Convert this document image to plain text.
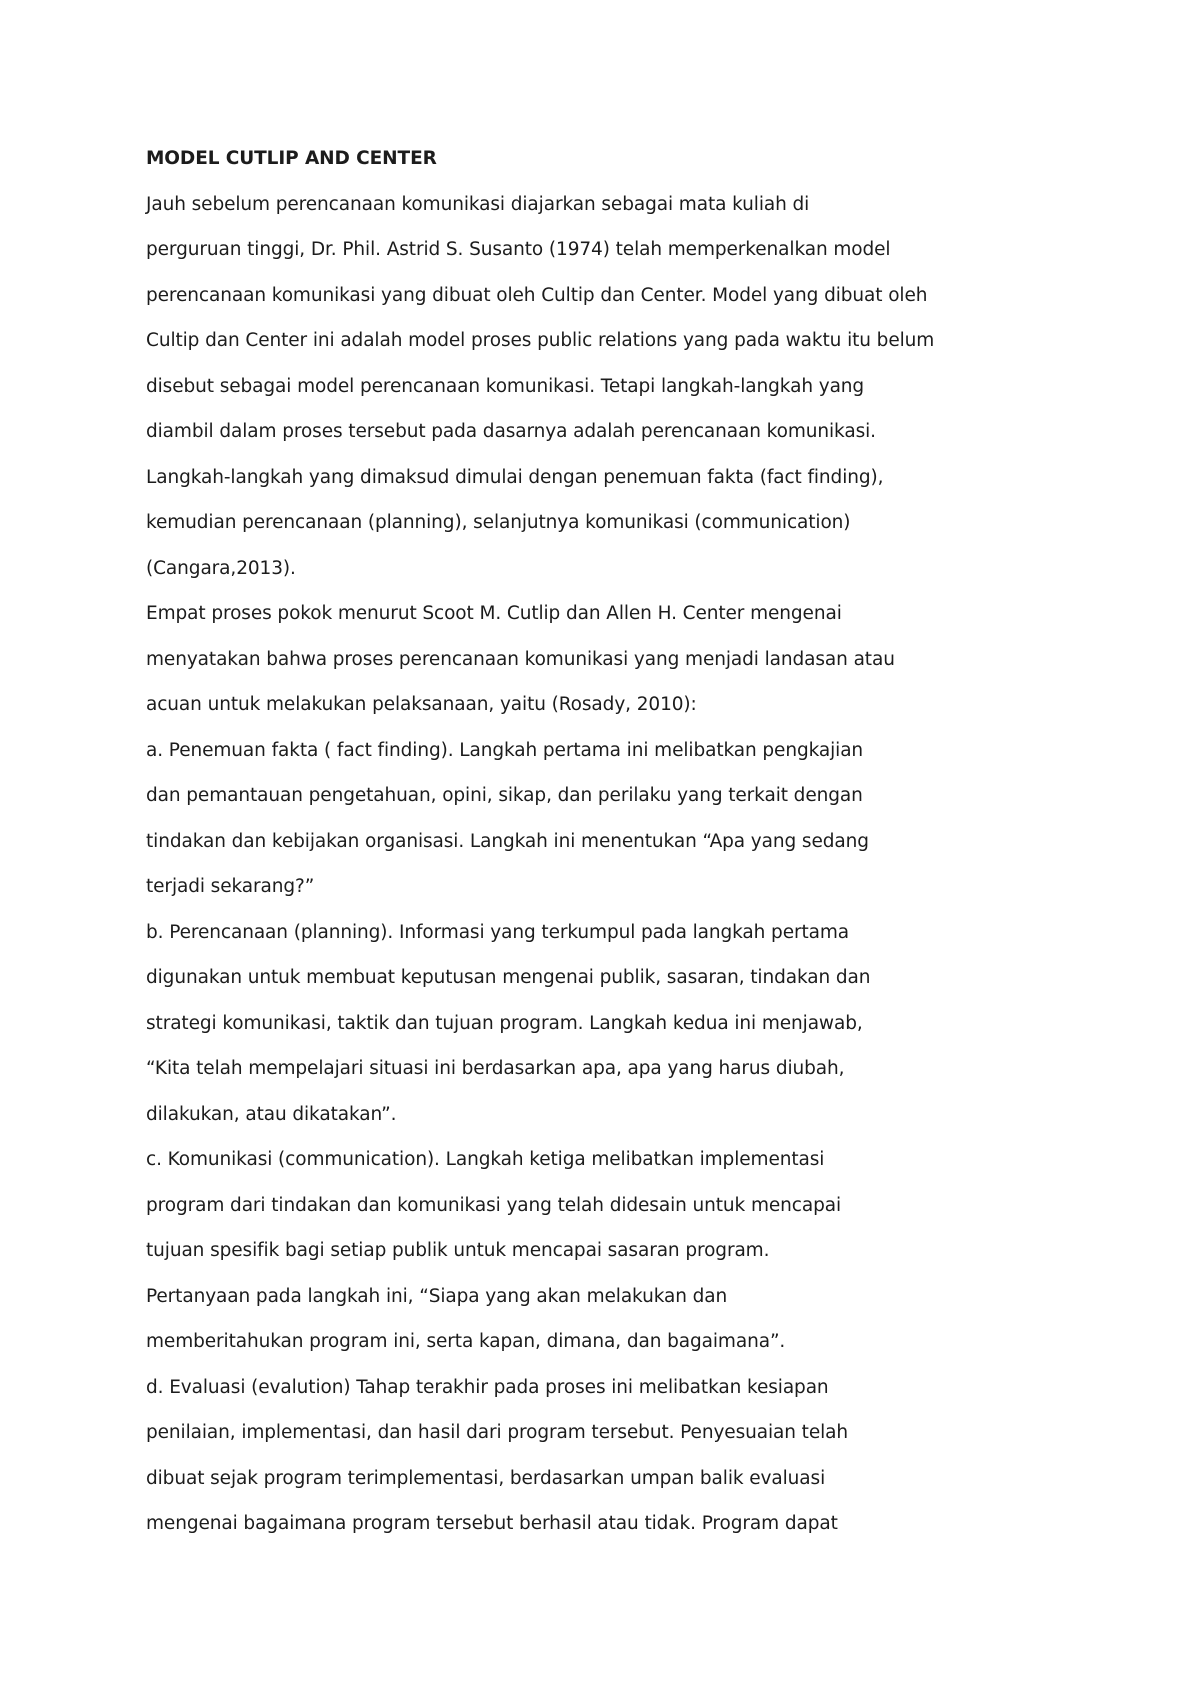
MODEL CUTLIP AND CENTER
Jauh sebelum perencanaan komunikasi diajarkan sebagai mata kuliah di
perguruan tinggi, Dr. Phil. Astrid S. Susanto (1974) telah memperkenalkan model
perencanaan komunikasi yang dibuat oleh Cultip dan Center. Model yang dibuat oleh
Cultip dan Center ini adalah model proses public relations yang pada waktu itu belum
disebut sebagai model perencanaan komunikasi. Tetapi langkah-langkah yang
diambil dalam proses tersebut pada dasarnya adalah perencanaan komunikasi.
Langkah-langkah yang dimaksud dimulai dengan penemuan fakta (fact finding),
kemudian perencanaan (planning), selanjutnya komunikasi (communication)
(Cangara,2013).
Empat proses pokok menurut Scoot M. Cutlip dan Allen H. Center mengenai
menyatakan bahwa proses perencanaan komunikasi yang menjadi landasan atau
acuan untuk melakukan pelaksanaan, yaitu (Rosady, 2010):
a. Penemuan fakta ( fact finding). Langkah pertama ini melibatkan pengkajian
dan pemantauan pengetahuan, opini, sikap, dan perilaku yang terkait dengan
tindakan dan kebijakan organisasi. Langkah ini menentukan “Apa yang sedang
terjadi sekarang?”
b. Perencanaan (planning). Informasi yang terkumpul pada langkah pertama
digunakan untuk membuat keputusan mengenai publik, sasaran, tindakan dan
strategi komunikasi, taktik dan tujuan program. Langkah kedua ini menjawab,
“Kita telah mempelajari situasi ini berdasarkan apa, apa yang harus diubah,
dilakukan, atau dikatakan”.
c. Komunikasi (communication). Langkah ketiga melibatkan implementasi
program dari tindakan dan komunikasi yang telah didesain untuk mencapai
tujuan spesifik bagi setiap publik untuk mencapai sasaran program.
Pertanyaan pada langkah ini, “Siapa yang akan melakukan dan
memberitahukan program ini, serta kapan, dimana, dan bagaimana”.
d. Evaluasi (evalution) Tahap terakhir pada proses ini melibatkan kesiapan
penilaian, implementasi, dan hasil dari program tersebut. Penyesuaian telah
dibuat sejak program terimplementasi, berdasarkan umpan balik evaluasi
mengenai bagaimana program tersebut berhasil atau tidak. Program dapat
